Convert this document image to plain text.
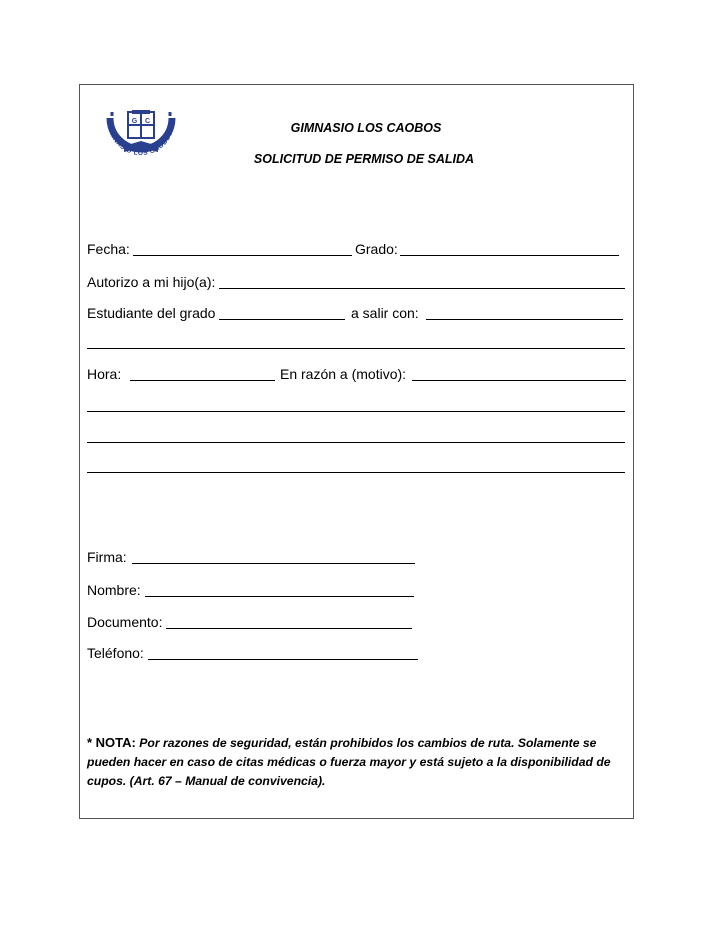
G C
GIMNASIO LOS CAOBOS	GIMNASIO LOS CAOBOS
SOLICITUD DE PERMISO DE SALIDA
Fecha:	Grado:
Autorizo a mi hijo(a):
Estudiante del grado	a salir con:
Hora:	En razón a (motivo):
Firma:
Nombre:
Documento:
Teléfono:
* NOTA: Por razones de seguridad, están prohibidos los cambios de ruta. Solamente se pueden hacer en caso de citas médicas o fuerza mayor y está sujeto a la disponibilidad de cupos. (Art. 67 – Manual de convivencia).
